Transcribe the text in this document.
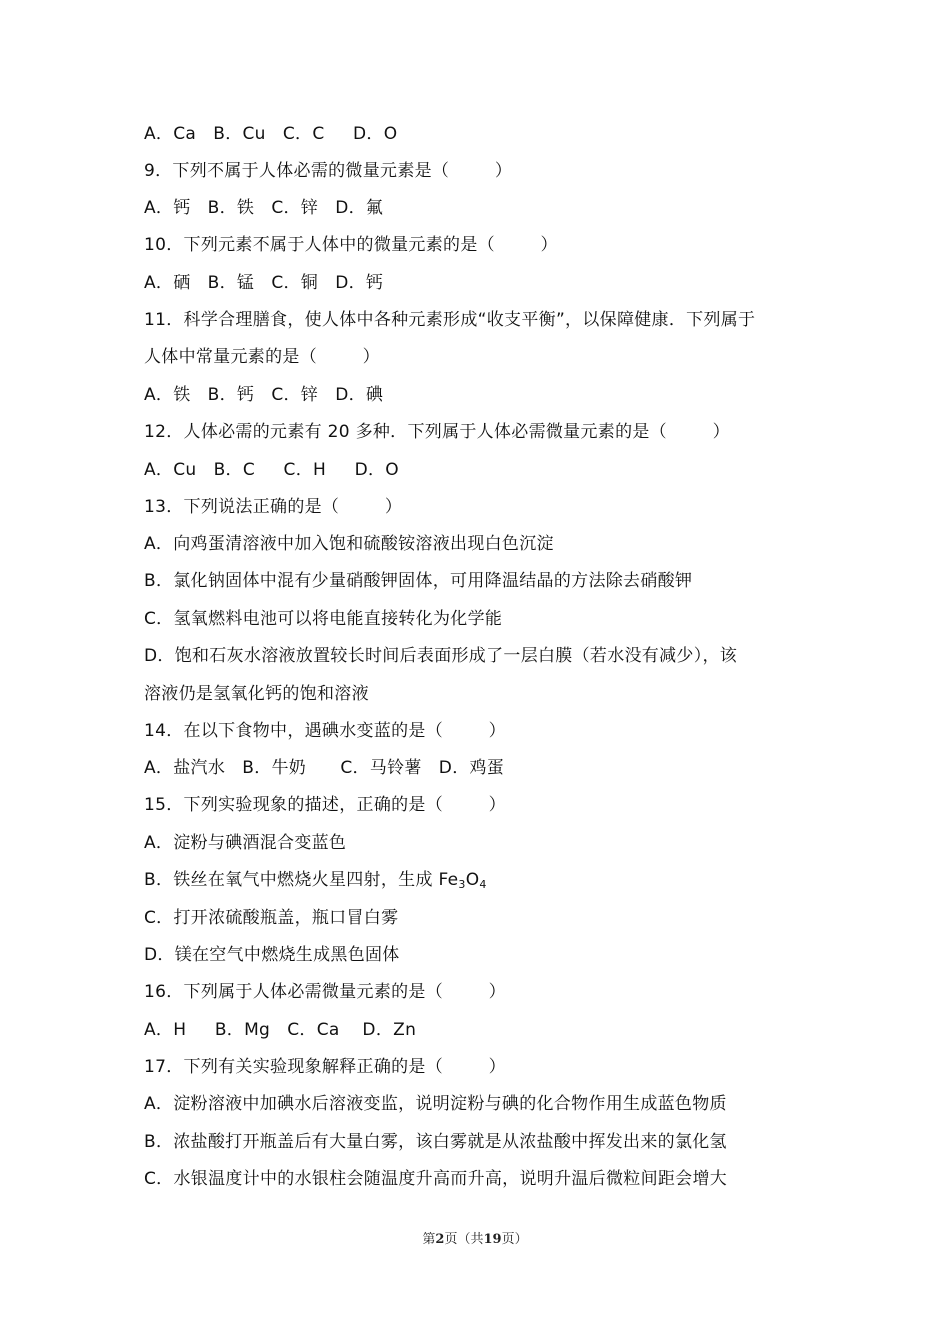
A．Ca   B．Cu   C．C     D．O
9．下列不属于人体必需的微量元素是（        ）
A．钙   B．铁   C．锌   D．氟
10．下列元素不属于人体中的微量元素的是（        ）
A．硒   B．锰   C．铜   D．钙
11．科学合理膳食，使人体中各种元素形成“收支平衡”，以保障健康．下列属于
人体中常量元素的是（        ）
A．铁   B．钙   C．锌   D．碘
12．人体必需的元素有 20 多种．下列属于人体必需微量元素的是（        ）
A．Cu   B．C     C．H     D．O
13．下列说法正确的是（        ）
A．向鸡蛋清溶液中加入饱和硫酸铵溶液出现白色沉淀
B．氯化钠固体中混有少量硝酸钾固体，可用降温结晶的方法除去硝酸钾
C．氢氧燃料电池可以将电能直接转化为化学能
D．饱和石灰水溶液放置较长时间后表面形成了一层白膜（若水没有减少），该
溶液仍是氢氧化钙的饱和溶液
14．在以下食物中，遇碘水变蓝的是（        ）
A．盐汽水   B．牛奶      C．马铃薯   D．鸡蛋
15．下列实验现象的描述，正确的是（        ）
A．淀粉与碘酒混合变蓝色
B．铁丝在氧气中燃烧火星四射，生成 $Fe_3O_4$
C．打开浓硫酸瓶盖，瓶口冒白雾
D．镁在空气中燃烧生成黑色固体
16．下列属于人体必需微量元素的是（        ）
A．H     B．Mg   C．Ca    D．Zn
17．下列有关实验现象解释正确的是（        ）
A．淀粉溶液中加碘水后溶液变监，说明淀粉与碘的化合物作用生成蓝色物质
B．浓盐酸打开瓶盖后有大量白雾，该白雾就是从浓盐酸中挥发出来的氯化氢
C．水银温度计中的水银柱会随温度升高而升高，说明升温后微粒间距会增大
第2页（共19页）
